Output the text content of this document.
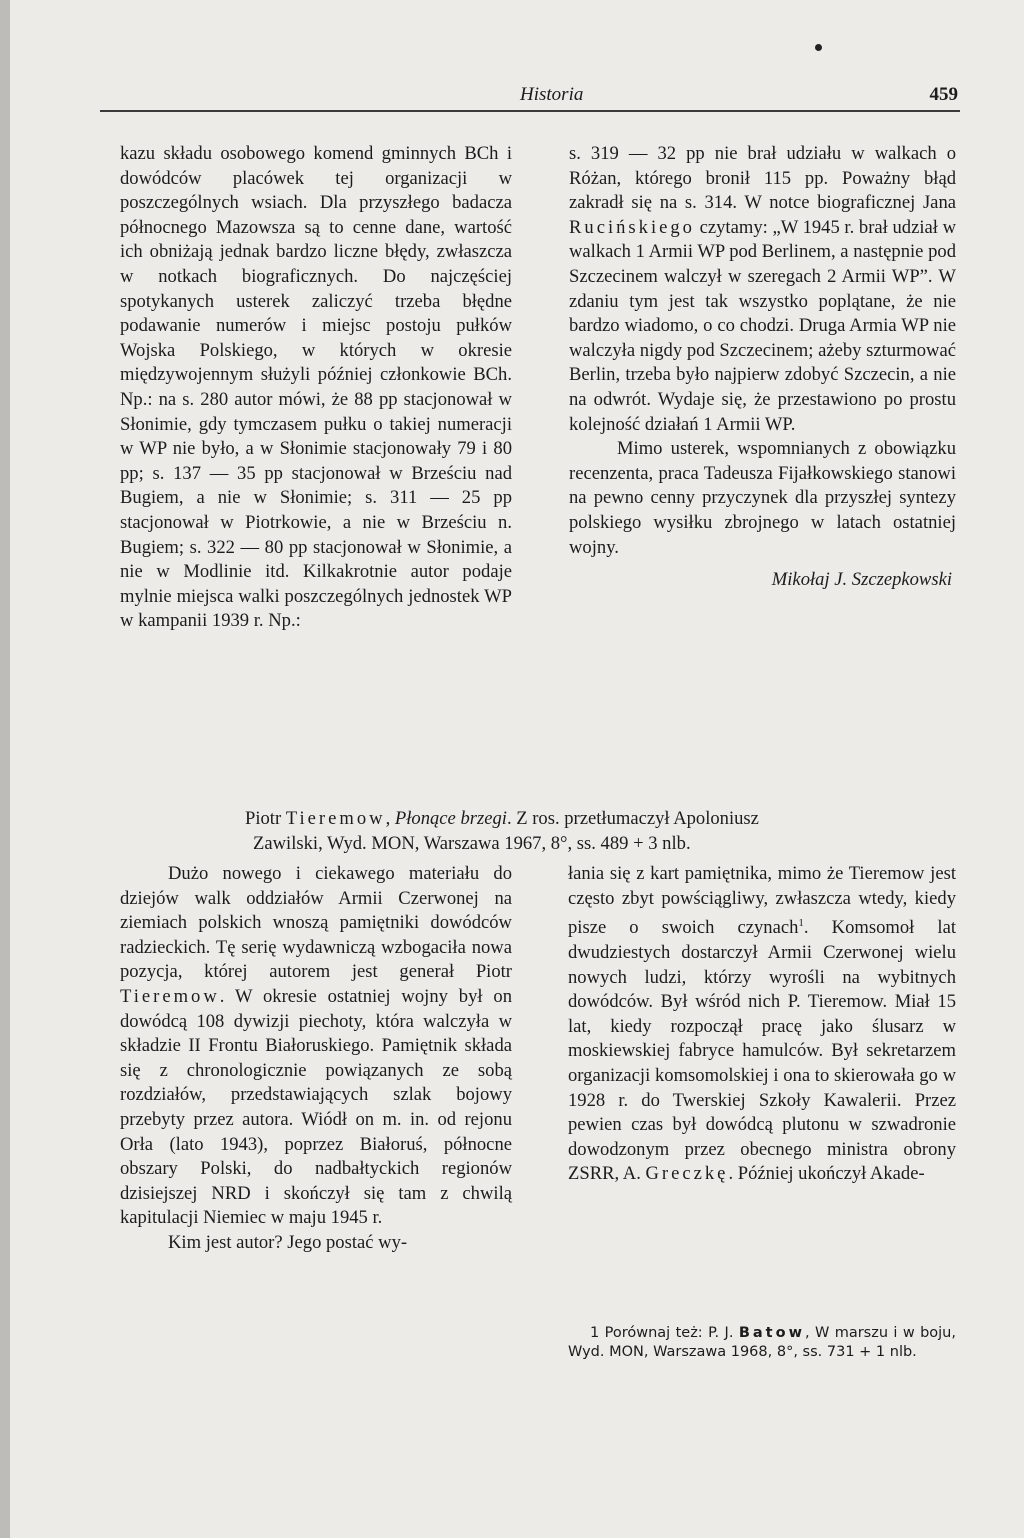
Historia	459

kazu składu osobowego komend gminnych BCh i dowódców placówek tej organizacji w poszczególnych wsiach. Dla przyszłego badacza północnego Mazowsza są to cenne dane, wartość ich obniżają jednak bardzo liczne błędy, zwłaszcza w notkach biograficznych. Do najczęściej spotykanych usterek zaliczyć trzeba błędne podawanie numerów i miejsc postoju pułków Wojska Polskiego, w których w okresie międzywojennym służyli później członkowie BCh. Np.: na s. 280 autor mówi, że 88 pp stacjonował w Słonimie, gdy tymczasem pułku o takiej numeracji w WP nie było, a w Słonimie stacjonowały 79 i 80 pp; s. 137 — 35 pp stacjonował w Brześciu nad Bugiem, a nie w Słonimie; s. 311 — 25 pp stacjonował w Piotrkowie, a nie w Brześciu n. Bugiem; s. 322 — 80 pp stacjonował w Słonimie, a nie w Modlinie itd. Kilkakrotnie autor podaje mylnie miejsca walki poszczególnych jednostek WP w kampanii 1939 r. Np.:

s. 319 — 32 pp nie brał udziału w walkach o Różan, którego bronił 115 pp. Poważny błąd zakradł się na s. 314. W notce biograficznej Jana Rucińskiego czytamy: „W 1945 r. brał udział w walkach 1 Armii WP pod Berlinem, a następnie pod Szczecinem walczył w szeregach 2 Armii WP”. W zdaniu tym jest tak wszystko poplątane, że nie bardzo wiadomo, o co chodzi. Druga Armia WP nie walczyła nigdy pod Szczecinem; ażeby szturmować Berlin, trzeba było najpierw zdobyć Szczecin, a nie na odwrót. Wydaje się, że przestawiono po prostu kolejność działań 1 Armii WP.

Mimo usterek, wspomnianych z obowiązku recenzenta, praca Tadeusza Fijałkowskiego stanowi na pewno cenny przyczynek dla przyszłej syntezy polskiego wysiłku zbrojnego w latach ostatniej wojny.

Mikołaj J. Szczepkowski

Piotr Tieremow, Płonące brzegi. Z ros. przetłumaczył Apoloniusz
Zawilski, Wyd. MON, Warszawa 1967, 8°, ss. 489 + 3 nlb.

Dużo nowego i ciekawego materiału do dziejów walk oddziałów Armii Czerwonej na ziemiach polskich wnoszą pamiętniki dowódców radzieckich. Tę serię wydawniczą wzbogaciła nowa pozycja, której autorem jest generał Piotr Tieremow. W okresie ostatniej wojny był on dowódcą 108 dywizji piechoty, która walczyła w składzie II Frontu Białoruskiego. Pamiętnik składa się z chronologicznie powiązanych ze sobą rozdziałów, przedstawiających szlak bojowy przebyty przez autora. Wiódł on m. in. od rejonu Orła (lato 1943), poprzez Białoruś, północne obszary Polski, do nadbałtyckich regionów dzisiejszej NRD i skończył się tam z chwilą kapitulacji Niemiec w maju 1945 r.

Kim jest autor? Jego postać wy-

łania się z kart pamiętnika, mimo że Tieremow jest często zbyt powściągliwy, zwłaszcza wtedy, kiedy pisze o swoich czynach$^1$. Komsomoł lat dwudziestych dostarczył Armii Czerwonej wielu nowych ludzi, którzy wyrośli na wybitnych dowódców. Był wśród nich P. Tieremow. Miał 15 lat, kiedy rozpoczął pracę jako ślusarz w moskiewskiej fabryce hamulców. Był sekretarzem organizacji komsomolskiej i ona to skierowała go w 1928 r. do Twerskiej Szkoły Kawalerii. Przez pewien czas był dowódcą plutonu w szwadronie dowodzonym przez obecnego ministra obrony ZSRR, A. Greczkę. Później ukończył Akade-

1 Porównaj też: P. J. Batow, W marszu i w boju, Wyd. MON, Warszawa 1968, 8°, ss. 731 + 1 nlb.
